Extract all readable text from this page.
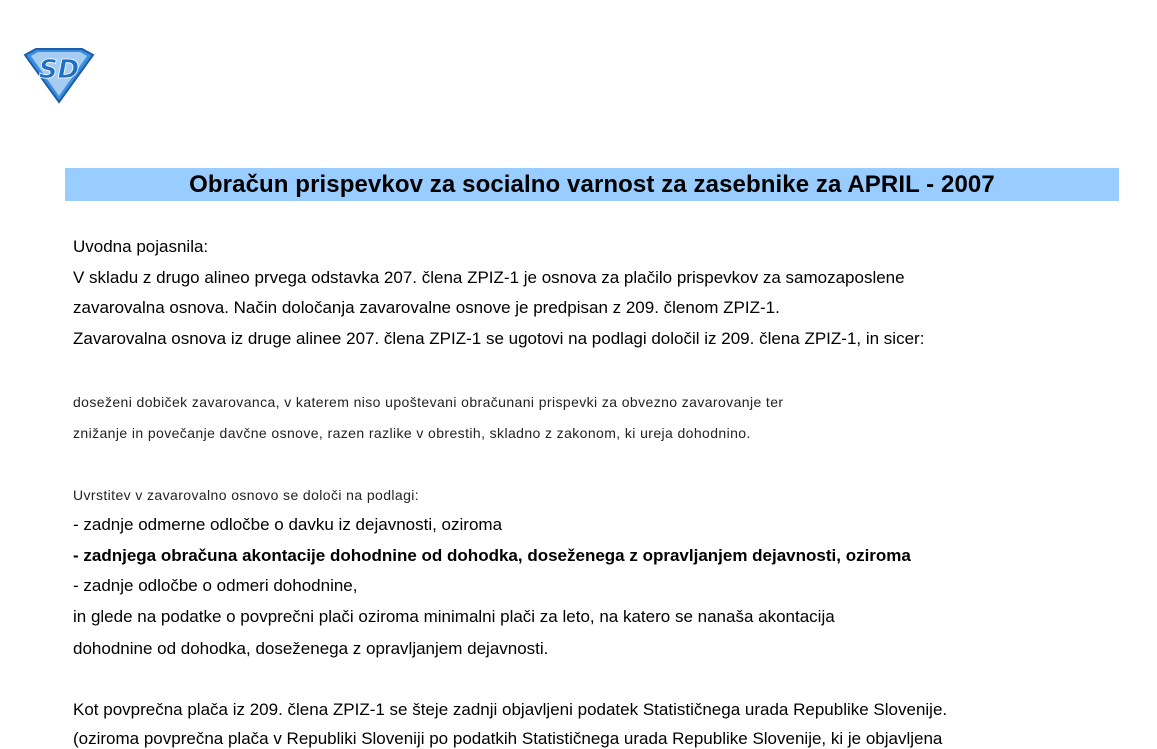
SD
Obračun prispevkov za socialno varnost za zasebnike za APRIL - 2007
Uvodna pojasnila:
V skladu z drugo alineo prvega odstavka 207. člena ZPIZ-1 je osnova za plačilo prispevkov za samozaposlene
zavarovalna osnova. Način določanja zavarovalne osnove je predpisan z 209. členom ZPIZ-1.
Zavarovalna osnova iz druge alinee 207. člena ZPIZ-1 se ugotovi na podlagi določil iz 209. člena ZPIZ-1, in sicer:
doseženi dobiček zavarovanca, v katerem niso upoštevani obračunani prispevki za obvezno zavarovanje ter
znižanje in povečanje davčne osnove, razen razlike v obrestih, skladno z zakonom, ki ureja dohodnino.
Uvrstitev v zavarovalno osnovo se določi na podlagi:
- zadnje odmerne odločbe o davku iz dejavnosti, oziroma
- zadnjega obračuna akontacije dohodnine od dohodka, doseženega z opravljanjem dejavnosti, oziroma
- zadnje odločbe o odmeri dohodnine,
in glede na podatke o povprečni plači oziroma minimalni plači za leto, na katero se nanaša akontacija
dohodnine od dohodka, doseženega z opravljanjem dejavnosti.
Kot povprečna plača iz 209. člena ZPIZ-1 se šteje zadnji objavljeni podatek Statističnega urada Republike Slovenije.
(oziroma povprečna plača v Republiki Sloveniji po podatkih Statističnega urada Republike Slovenije, ki je objavljena
